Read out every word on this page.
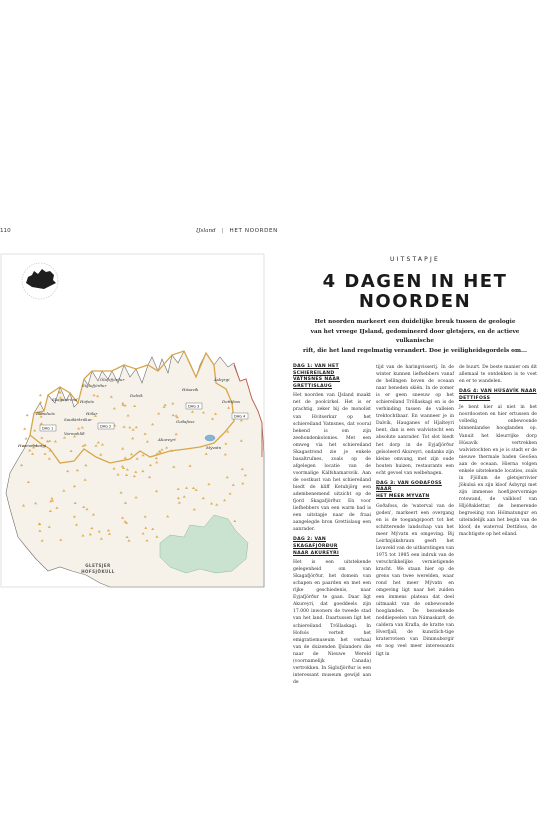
110	IJsland | HET NOORDEN
Siglufjörður
Ólafsfjörður
Hofsós
Hólar
Akureyri
Mývatn
Goðafoss
Húsavík
Ásbyrgi
Dettifoss
Skagaströnd
Blönduós
Hvammstangi
Sauðárkrókur
Varmahlíð
Dalvík
DAG 1	DAG 2
DAG 3
DAG 4
GLETSJER
HOFSJÖKULL
UITSTAPJE
4 DAGEN IN HET
NOORDEN
Het noorden markeert een duidelijke breuk tussen de geologie
van het vroege IJsland, gedomineerd door gletsjers, en de actieve vulkanische
rift, die het land regelmatig verandert. Doe je veiligheidsgordels om...
DAG 1: VAN HET SCHIEREILAND
VATNSNES NAAR GRETTISLAUG
Het noorden van IJsland maakt net de poolcirkel. Het is er prachtig, zeker bij de monolist van Hvitserkur op het schiereiland Vatnsnes, dat vooral bekend is om zijn zeehondenkolonies. Met een omweg via het schiereiland Skagastrond zie je enkele basaltruïnes, zoals op de afgelegen locatie van de voormalige Kálfshamarsvík. Aan de oostkust van het schiereiland biedt de kliff Ketubjörg een adembenemend uitzicht op de fjord Skagafjörður. En voor liefhebbers van een warm bad is een uitstapje naar de fraai aangelegde bron Grettislaug een aanrader.
DAG 2: VAN SKAGAFJÖRÐUR
NAAR AKUREYRI
Het is een uitstekende gelegenheid om van Skagafjörður, het domein van schapen en paarden en met een rijke geschiedenis, naar Eyjafjörður te gaan. Daar ligt Akureyri, dat goeddeels zijn 17.000 inwoners de tweede stad van het land. Daartussen ligt het schiereiland Tröllaskagi. In Hofsós vertelt het emigratiemuseum het verhaal van de duizenden IJslanders die naar de Nieuwe Wereld (voornamelijk Canada) vertrokken. In Siglufjörður is een interessant museum gewijd aan de
tijd van de haringvisserij. In de winter kunnen liefhebbers vanaf de hellingen boven de oceaan naar beneden skiën. In de zomer is er geen sneeuw op het schiereiland Tröllaskagi en is de verbinding tussen de valleien trektochtbaar. En wanneer je in Dalvík, Hauganes of Hjalteyri bent, dan is een walvistocht een absolute aanrader. Tot slot biedt het dorp in de Eyjafjörður geïsoleerd Akureyri, ondanks zijn kleine omvang, met zijn oude houten huizen, restaurants een echt gevoel van welbehagen.
DAG 3: VAN GOÐAFOSS NAAR
HET MEER MÝVATN
Goðafoss, de 'waterval van de goden', markeert een overgang en is de toegangspoort tot het schitterende landschap van het meer Mývatn en omgeving. Bij Leirhnjúkshraun geeft het lavaveld van de uitbarstingen van 1975 tot 1985 een indruk van de verschrikkelijke vernietigende kracht. We staan hier op de grens van twee werelden, waar rond het meer Mývatn en omgeving ligt naar het zuiden een immens plateau dat deel uitmaakt van de onbewoonde hooglanden. De bezoekende noddiepoelen van Námaskarð, de caldera van Krafla, de kratte van Hverfjall, de kunstlich-tige kraterrotsen van Dimmuborgir en nog veel meer interessants ligt in
de buurt. De beste manier om dit allemaal te ontdekken is te voet en er te wandelen.
DAG 4: VAN HÚSAVÍK NAAR
DETTIFOSS
Je bent hier al niet in het noordoosten en hier ertussen de volledig onbewoonde binnenlandse hooglanden op. Vanuit het kleurrijke dorp Húsavík vertrekken walvistochten en je is stadt er de nieuwe thermale baden GeoSea aan de oceaan. Hierna volgen enkele uitstekende locaties, zoals in Fjöllum de gletsjerrivier Jökulsá en zijn kloof Ásbyrgi met zijn immense hoefijzervormige rotswand, de valkloof van Hljóðaklettar, de bemerende begroeiing van Hólmatungur en uiteindelijk aan het begin van de kloof, de waterval Dettifoss, de machtigste op het eiland.
